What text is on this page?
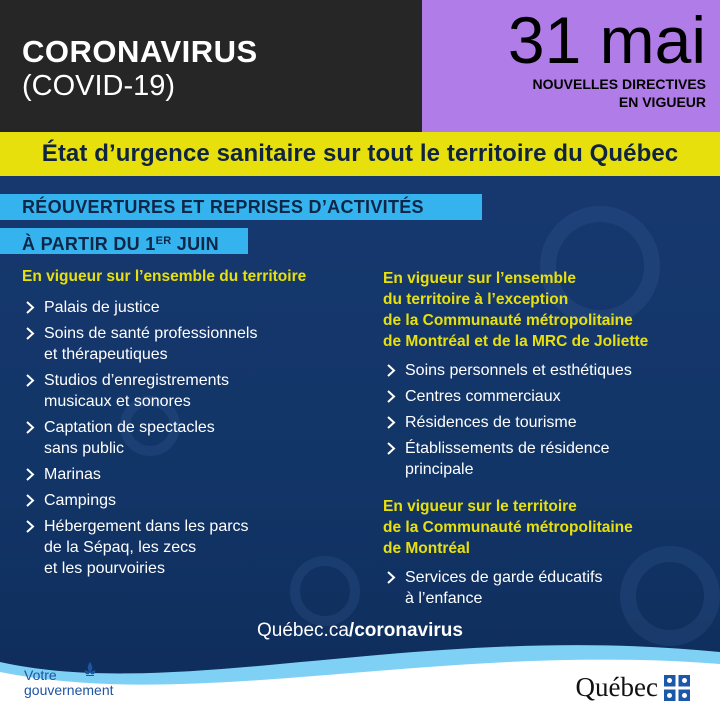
CORONAVIRUS
(COVID-19)
31 mai
NOUVELLES DIRECTIVES
EN VIGUEUR
État d’urgence sanitaire sur tout le territoire du Québec
RÉOUVERTURES ET REPRISES D’ACTIVITÉS
À PARTIR DU 1ER JUIN
En vigueur sur l’ensemble du territoire
Palais de justice
Soins de santé professionnels
et thérapeutiques
Studios d’enregistrements
musicaux et sonores
Captation de spectacles
sans public
Marinas
Campings
Hébergement dans les parcs
de la Sépaq, les zecs
et les pourvoiries
En vigueur sur l’ensemble
du territoire à l’exception
de la Communauté métropolitaine
de Montréal et de la MRC de Joliette
Soins personnels et esthétiques
Centres commerciaux
Résidences de tourisme
Établissements de résidence
principale
En vigueur sur le territoire
de la Communauté métropolitaine
de Montréal
Services de garde éducatifs
à l’enfance
Québec.ca/coronavirus
Votre
gouvernement	Québec
